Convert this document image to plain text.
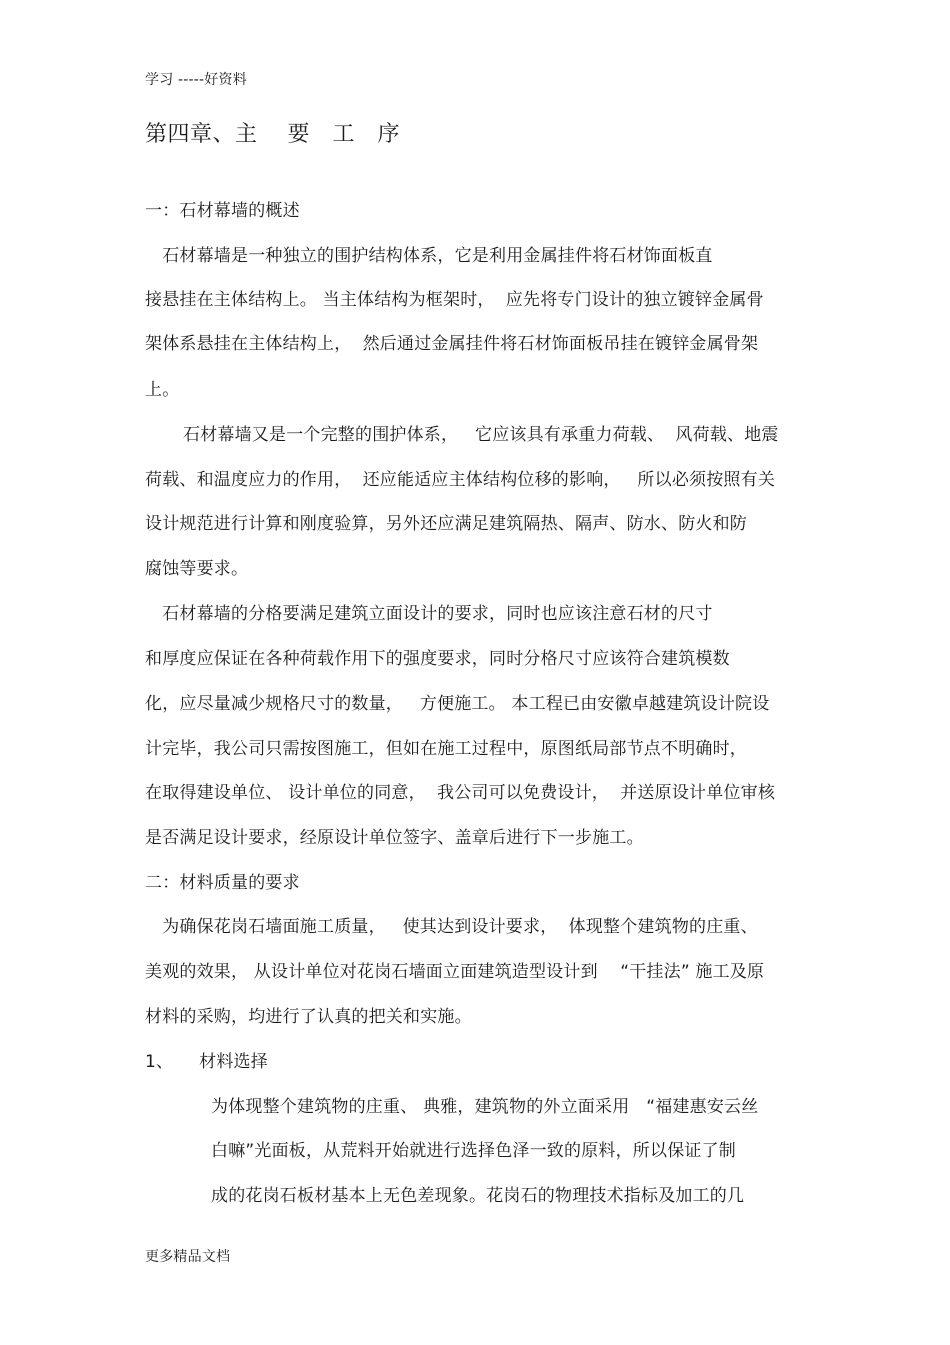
学习 -----好资料
第四章、主　 要　工　序
一：石材幕墙的概述
　石材幕墙是一种独立的围护结构体系，它是利用金属挂件将石材饰面板直
接悬挂在主体结构上。 当主体结构为框架时，  应先将专门设计的独立镀锌金属骨
架体系悬挂在主体结构上，  然后通过金属挂件将石材饰面板吊挂在镀锌金属骨架
上。
石材幕墙又是一个完整的围护体系，   它应该具有承重力荷载、  风荷载、地震
荷载、和温度应力的作用，  还应能适应主体结构位移的影响，   所以必须按照有关
设计规范进行计算和刚度验算，另外还应满足建筑隔热、隔声、防水、防火和防
腐蚀等要求。
　石材幕墙的分格要满足建筑立面设计的要求，同时也应该注意石材的尺寸
和厚度应保证在各种荷载作用下的强度要求，同时分格尺寸应该符合建筑模数
化，应尽量减少规格尺寸的数量，   方便施工。 本工程已由安徽卓越建筑设计院设
计完毕，我公司只需按图施工，但如在施工过程中，原图纸局部节点不明确时，
在取得建设单位、 设计单位的同意，  我公司可以免费设计，  并送原设计单位审核
是否满足设计要求，经原设计单位签字、盖章后进行下一步施工。
二：材料质量的要求
　为确保花岗石墙面施工质量，   使其达到设计要求，  体现整个建筑物的庄重、
美观的效果， 从设计单位对花岗石墙面立面建筑造型设计到    “干挂法” 施工及原
材料的采购，均进行了认真的把关和实施。
1、　　材料选择
为体现整个建筑物的庄重、 典雅，建筑物的外立面采用   “福建惠安云丝
白嘛”光面板，从荒料开始就进行选择色泽一致的原料，所以保证了制
成的花岗石板材基本上无色差现象。花岗石的物理技术指标及加工的几
更多精品文档
